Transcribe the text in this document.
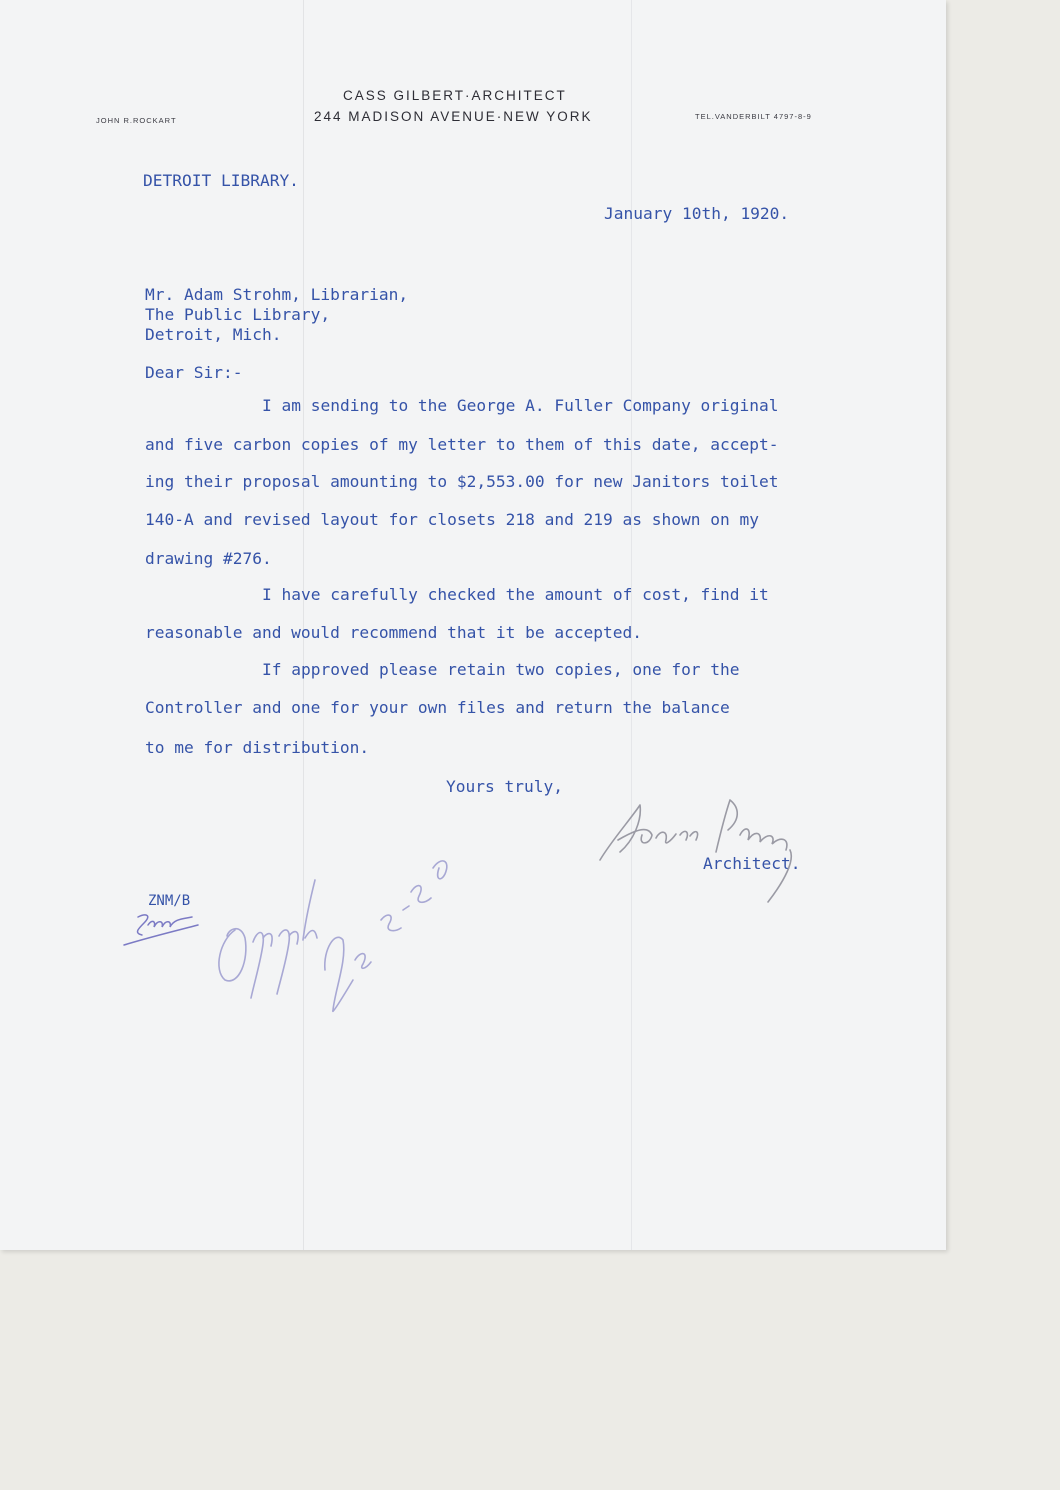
CASS GILBERT·ARCHITECT
244 MADISON AVENUE·NEW YORK
JOHN R.ROCKART	TEL.VANDERBILT 4797-8-9
DETROIT LIBRARY.
January 10th, 1920.
Mr. Adam Strohm, Librarian,
The Public Library,
Detroit, Mich.
Dear Sir:-
I am sending to the George A. Fuller Company original
and five carbon copies of my letter to them of this date, accept-
ing their proposal amounting to $2,553.00 for new Janitors toilet
140-A and revised layout for closets 218 and 219 as shown on my
drawing #276.
I have carefully checked the amount of cost, find it
reasonable and would recommend that it be accepted.
If approved please retain two copies, one for the
Controller and one for your own files and return the balance
to me for distribution.
Yours truly,
Architect.
ZNM/B
